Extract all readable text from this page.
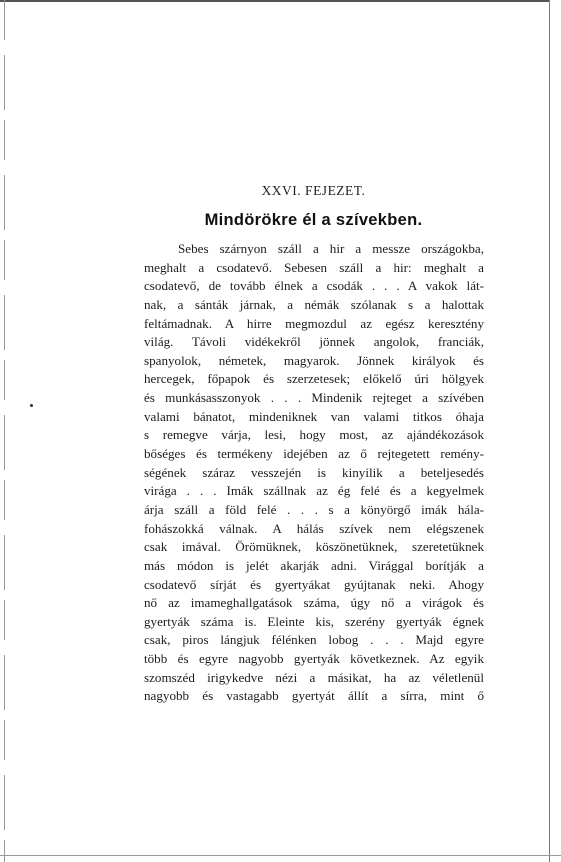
XXVI. FEJEZET.
Mindörökre él a szívekben.
Sebes szárnyon száll a hir a messze országokba,
meghalt a csodatevő. Sebesen száll a hir: meghalt a
csodatevő, de tovább élnek a csodák . . . A vakok lát-
nak, a sánták járnak, a némák szólanak s a halottak
feltámadnak. A hirre megmozdul az egész keresztény
világ. Távoli vidékekről jönnek angolok, franciák,
spanyolok, németek, magyarok. Jönnek királyok és
hercegek, főpapok és szerzetesek; előkelő úri hölgyek
és munkásasszonyok . . . Mindenik rejteget a szívében
valami bánatot, mindeniknek van valami titkos óhaja
s remegve várja, lesi, hogy most, az ajándékozások
bőséges és termékeny idejében az ő rejtegetett remény-
ségének száraz vesszején is kinyilik a beteljesedés
virága . . . Imák szállnak az ég felé és a kegyelmek
árja száll a föld felé . . . s a könyörgő imák hála-
fohászokká válnak. A hálás szívek nem elégszenek
csak imával. Örömüknek, köszönetüknek, szeretetüknek
más módon is jelét akarják adni. Virággal borítják a
csodatevő sírját és gyertyákat gyújtanak neki. Ahogy
nő az imameghallgatások száma, úgy nő a virágok és
gyertyák száma is. Eleinte kis, szerény gyertyák égnek
csak, piros lángjuk félénken lobog . . . Majd egyre
több és egyre nagyobb gyertyák következnek. Az egyik
szomszéd irigykedve nézi a másikat, ha az véletlenül
nagyobb és vastagabb gyertyát állít a sírra, mint ő
